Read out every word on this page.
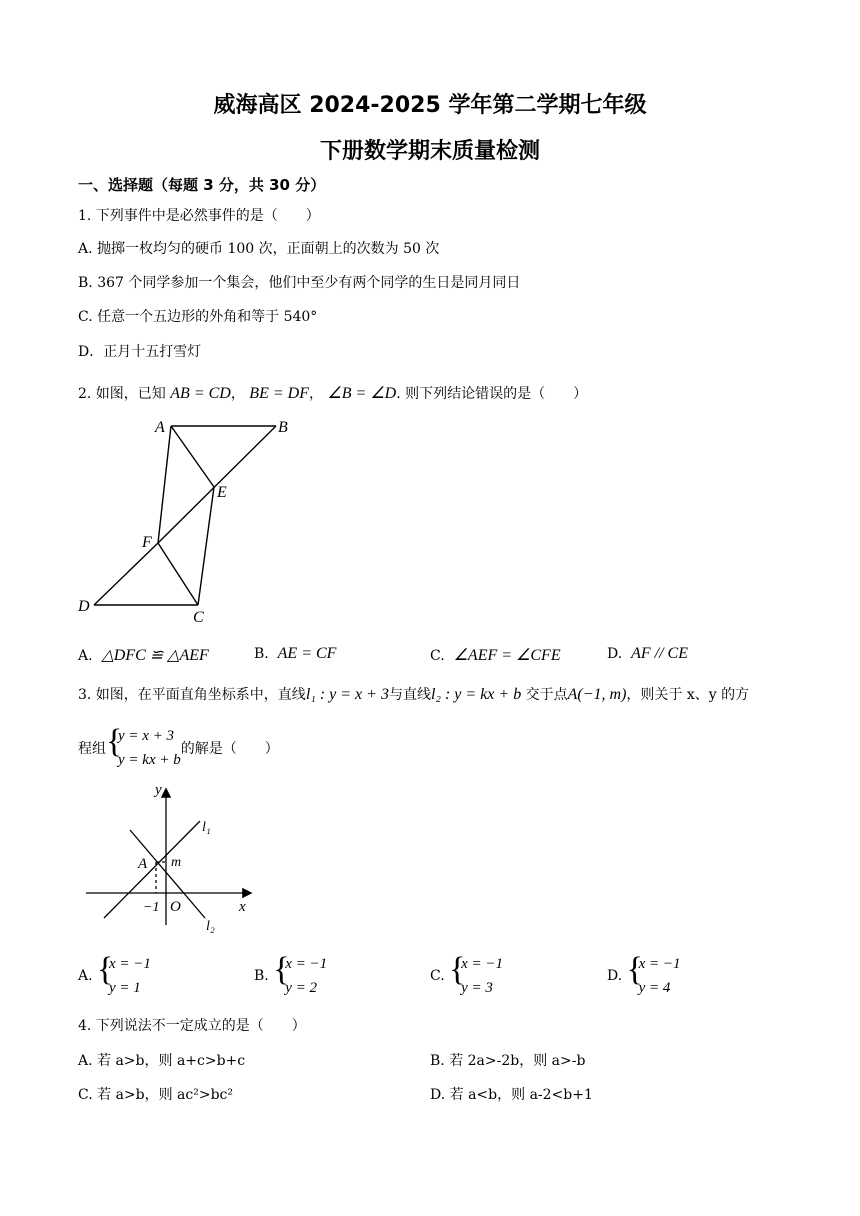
威海高区 2024-2025 学年第二学期七年级
下册数学期末质量检测
一、选择题（每题 3 分，共 30 分）
1. 下列事件中是必然事件的是（　　）
A. 抛掷一枚均匀的硬币 100 次，正面朝上的次数为 50 次
B. 367 个同学参加一个集会，他们中至少有两个同学的生日是同月同日
C. 任意一个五边形的外角和等于 540°
D．正月十五打雪灯
2. 如图，已知 AB = CD， BE = DF， ∠B = ∠D. 则下列结论错误的是（　　）
A	B
E
F
D
C
A. △DFC ≌ △AEF	B. AE = CF	C. ∠AEF = ∠CFE	D. AF // CE
3. 如图，在平面直角坐标系中，直线l₁ : y = x + 3与直线l₂ : y = kx + b 交于点A(−1, m)，则关于 x、y 的方
程组 {
y = x + 3
y = kx + b
的解是（　　）
y
x
l₁
l₂
A m
−1 O
A. {
x = −1
y = 1
B. {
x = −1
y = 2
C. {
x = −1
y = 3
D. {
x = −1
y = 4
4. 下列说法不一定成立的是（　　）
A. 若 a>b，则 a+c>b+c	B. 若 2a>-2b，则 a>-b
C. 若 a>b，则 ac²>bc²	D. 若 a<b，则 a-2<b+1
